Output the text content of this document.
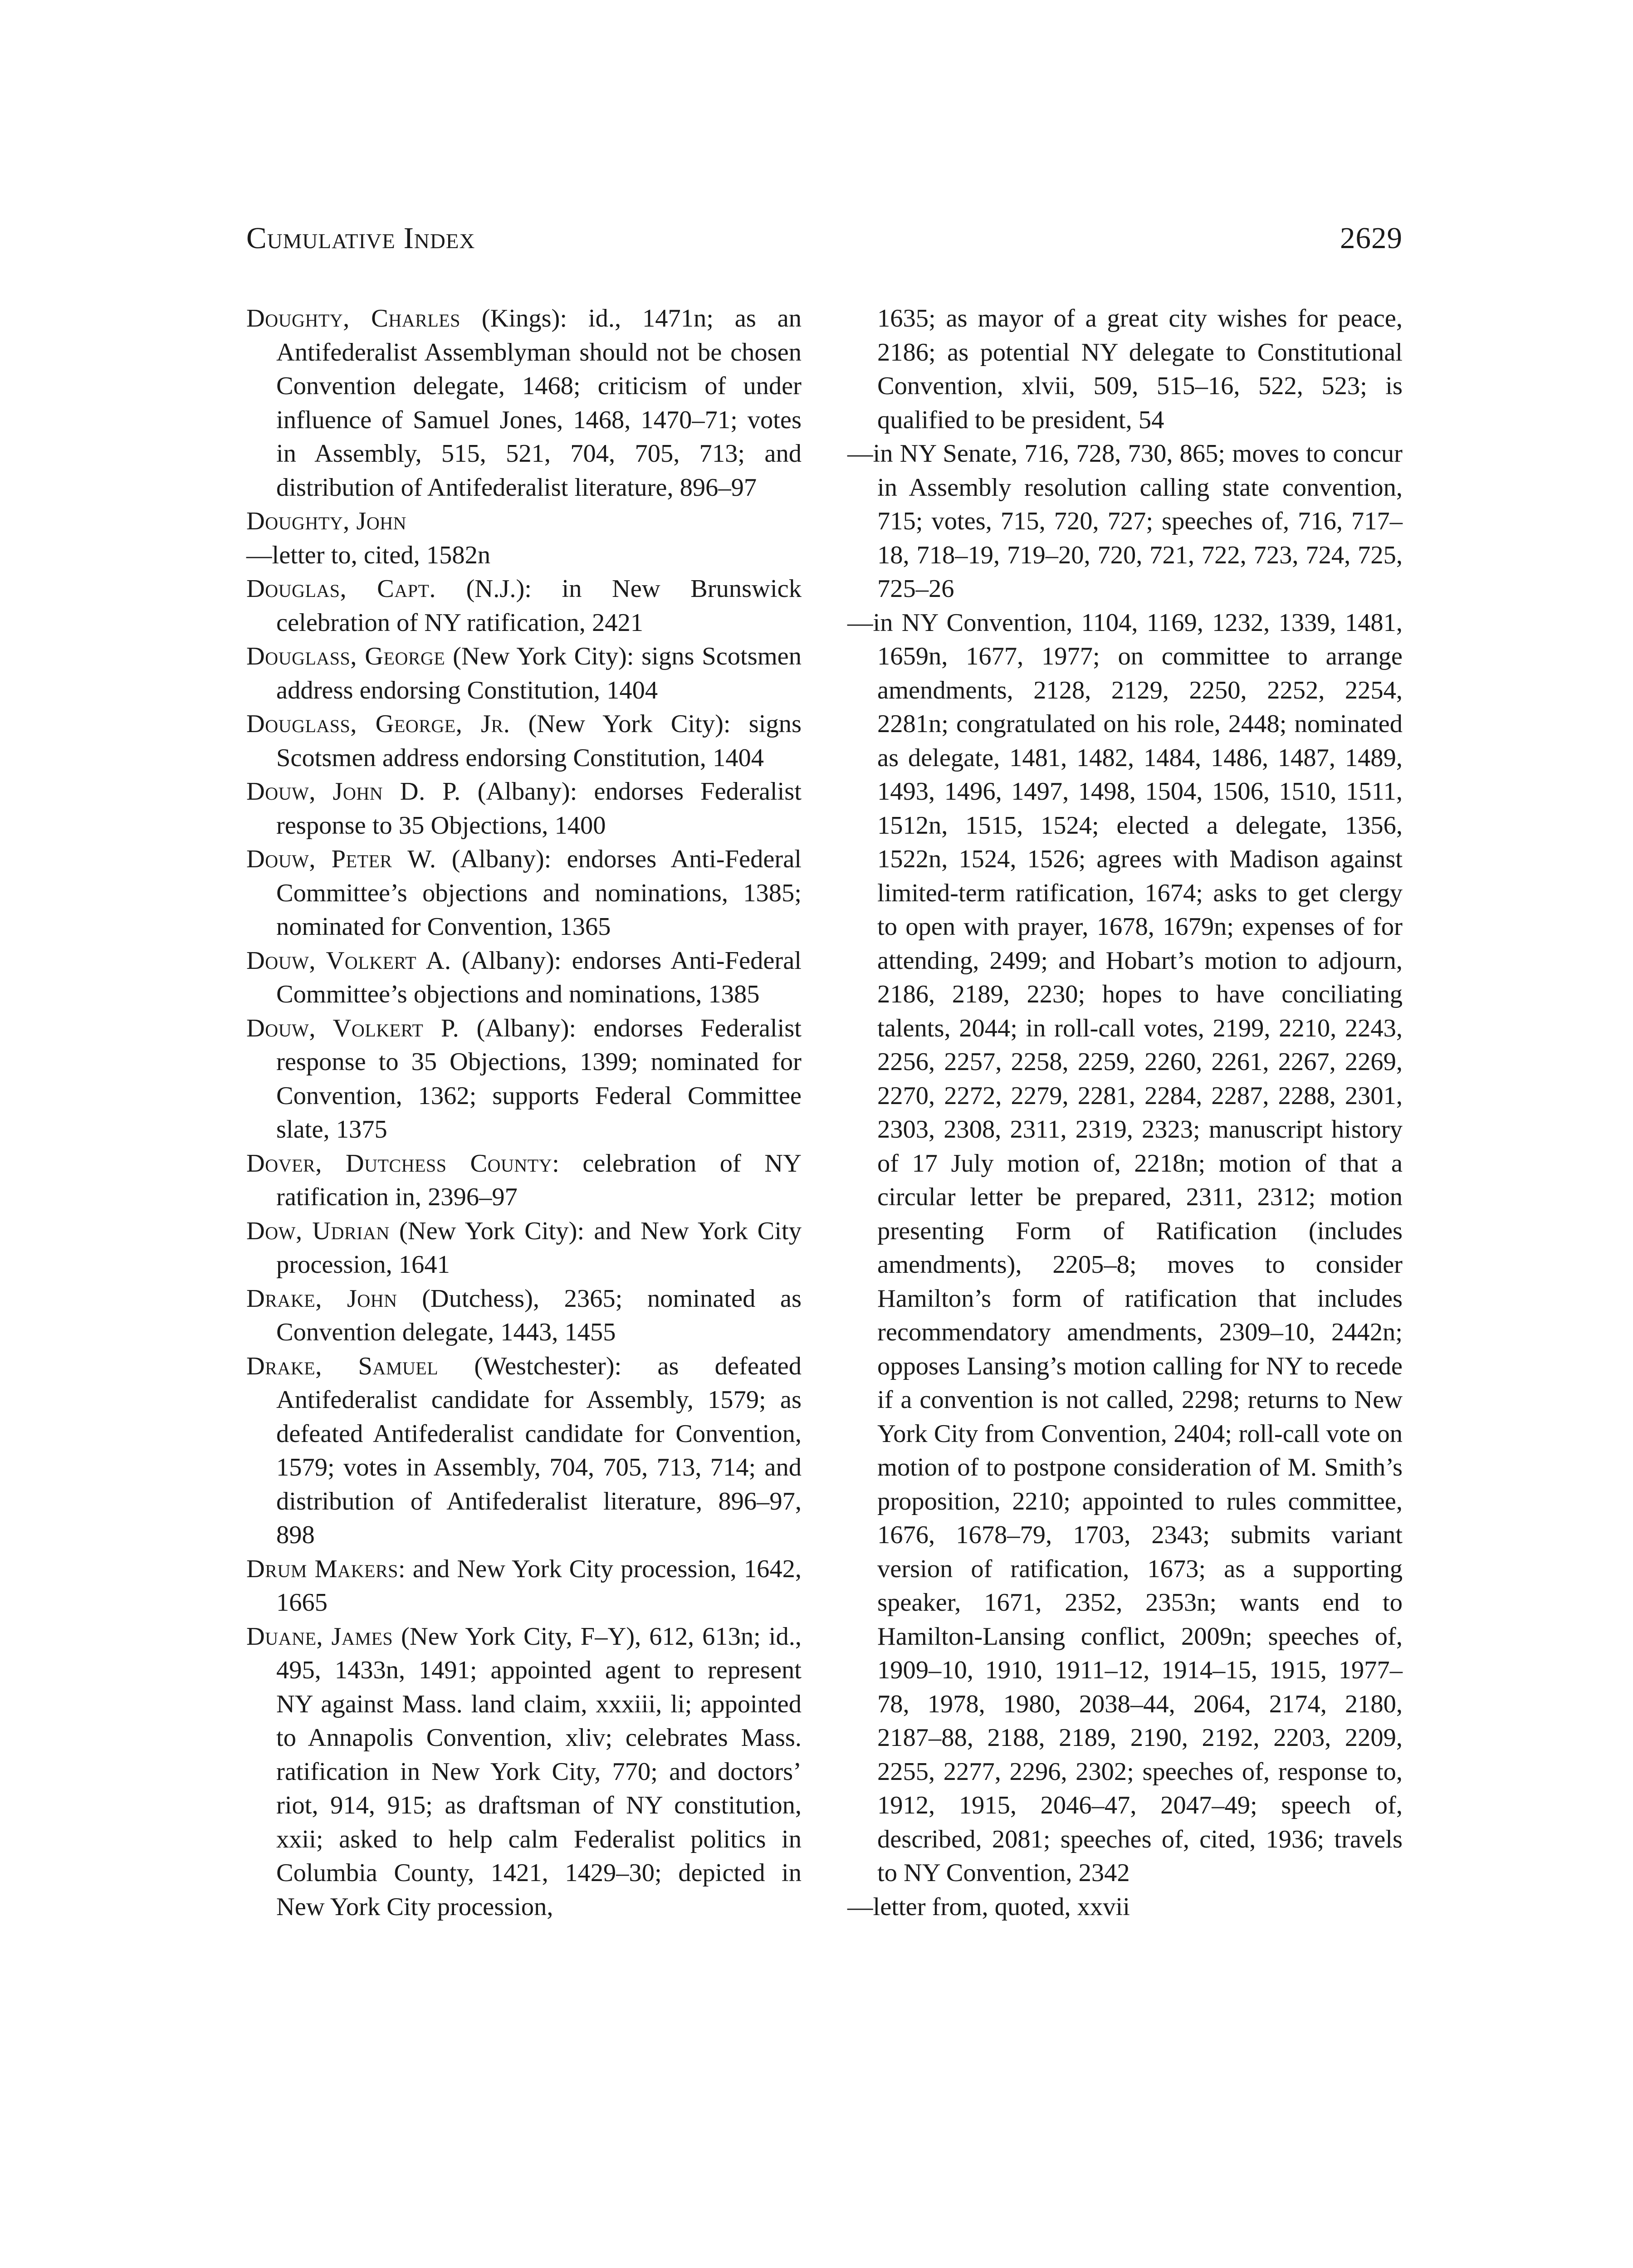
Cumulative Index	2629

Doughty, Charles (Kings): id., 1471n; as an Antifederalist Assemblyman should not be chosen Convention delegate, 1468; criticism of under influence of Samuel Jones, 1468, 1470–71; votes in Assembly, 515, 521, 704, 705, 713; and distribution of Antifederalist literature, 896–97

Doughty, John

—letter to, cited, 1582n

Douglas, Capt. (N.J.): in New Brunswick celebration of NY ratification, 2421

Douglass, George (New York City): signs Scotsmen address endorsing Constitution, 1404

Douglass, George, Jr. (New York City): signs Scotsmen address endorsing Constitution, 1404

Douw, John D. P. (Albany): endorses Federalist response to 35 Objections, 1400

Douw, Peter W. (Albany): endorses Anti-Federal Committee’s objections and nominations, 1385; nominated for Convention, 1365

Douw, Volkert A. (Albany): endorses Anti-Federal Committee’s objections and nominations, 1385

Douw, Volkert P. (Albany): endorses Federalist response to 35 Objections, 1399; nominated for Convention, 1362; supports Federal Committee slate, 1375

Dover, Dutchess County: celebration of NY ratification in, 2396–97

Dow, Udrian (New York City): and New York City procession, 1641

Drake, John (Dutchess), 2365; nominated as Convention delegate, 1443, 1455

Drake, Samuel (Westchester): as defeated Antifederalist candidate for Assembly, 1579; as defeated Antifederalist candidate for Convention, 1579; votes in Assembly, 704, 705, 713, 714; and distribution of Antifederalist literature, 896–97, 898

Drum Makers: and New York City procession, 1642, 1665

Duane, James (New York City, F–Y), 612, 613n; id., 495, 1433n, 1491; appointed agent to represent NY against Mass. land claim, xxxiii, li; appointed to Annapolis Convention, xliv; celebrates Mass. ratification in New York City, 770; and doctors’ riot, 914, 915; as draftsman of NY constitution, xxii; asked to help calm Federalist politics in Columbia County, 1421, 1429–30; depicted in New York City procession,

1635; as mayor of a great city wishes for peace, 2186; as potential NY delegate to Constitutional Convention, xlvii, 509, 515–16, 522, 523; is qualified to be president, 54

—in NY Senate, 716, 728, 730, 865; moves to concur in Assembly resolution calling state convention, 715; votes, 715, 720, 727; speeches of, 716, 717–18, 718–19, 719–20, 720, 721, 722, 723, 724, 725, 725–26

—in NY Convention, 1104, 1169, 1232, 1339, 1481, 1659n, 1677, 1977; on committee to arrange amendments, 2128, 2129, 2250, 2252, 2254, 2281n; congratulated on his role, 2448; nominated as delegate, 1481, 1482, 1484, 1486, 1487, 1489, 1493, 1496, 1497, 1498, 1504, 1506, 1510, 1511, 1512n, 1515, 1524; elected a delegate, 1356, 1522n, 1524, 1526; agrees with Madison against limited-term ratification, 1674; asks to get clergy to open with prayer, 1678, 1679n; expenses of for attending, 2499; and Hobart’s motion to adjourn, 2186, 2189, 2230; hopes to have conciliating talents, 2044; in roll-call votes, 2199, 2210, 2243, 2256, 2257, 2258, 2259, 2260, 2261, 2267, 2269, 2270, 2272, 2279, 2281, 2284, 2287, 2288, 2301, 2303, 2308, 2311, 2319, 2323; manuscript history of 17 July motion of, 2218n; motion of that a circular letter be prepared, 2311, 2312; motion presenting Form of Ratification (includes amendments), 2205–8; moves to consider Hamilton’s form of ratification that includes recommendatory amendments, 2309–10, 2442n; opposes Lansing’s motion calling for NY to recede if a convention is not called, 2298; returns to New York City from Convention, 2404; roll-call vote on motion of to postpone consideration of M. Smith’s proposition, 2210; appointed to rules committee, 1676, 1678–79, 1703, 2343; submits variant version of ratification, 1673; as a supporting speaker, 1671, 2352, 2353n; wants end to Hamilton-Lansing conflict, 2009n; speeches of, 1909–10, 1910, 1911–12, 1914–15, 1915, 1977–78, 1978, 1980, 2038–44, 2064, 2174, 2180, 2187–88, 2188, 2189, 2190, 2192, 2203, 2209, 2255, 2277, 2296, 2302; speeches of, response to, 1912, 1915, 2046–47, 2047–49; speech of, described, 2081; speeches of, cited, 1936; travels to NY Convention, 2342

—letter from, quoted, xxvii
